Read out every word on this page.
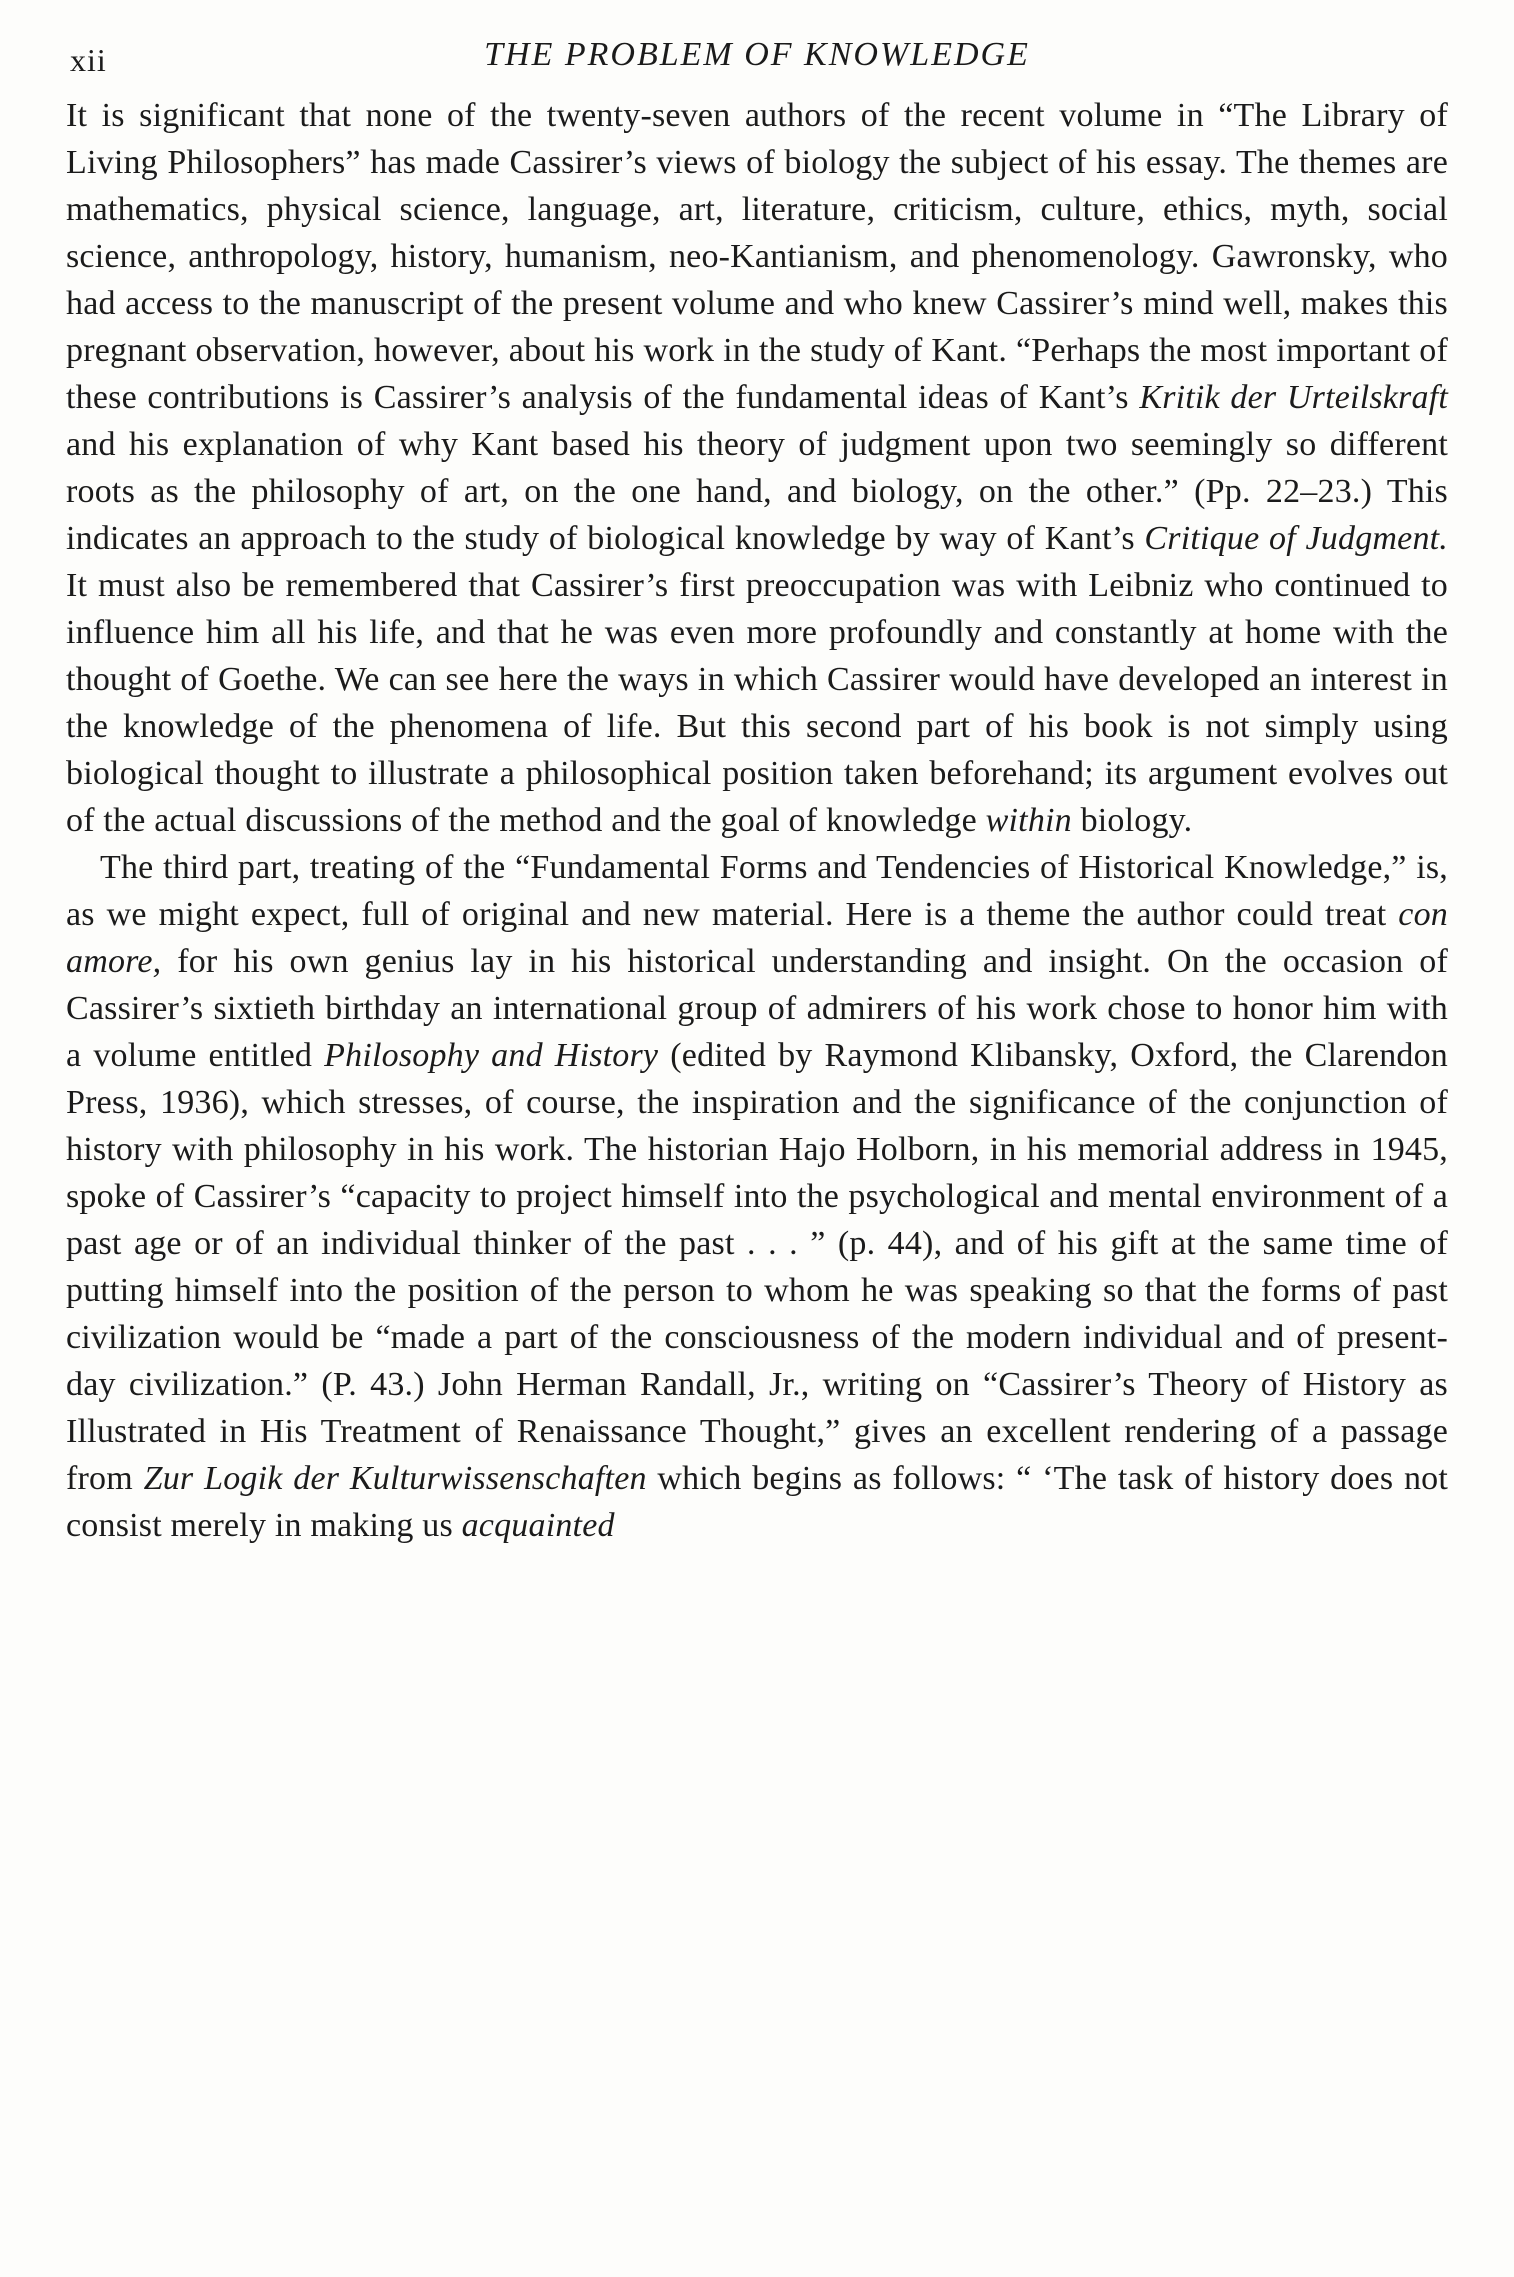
xii	THE PROBLEM OF KNOWLEDGE

It is significant that none of the twenty-seven authors of the recent volume in “The Library of Living Philosophers” has made Cassirer’s views of biology the subject of his essay. The themes are mathematics, physical science, language, art, literature, criticism, culture, ethics, myth, social science, anthropology, history, humanism, neo-Kantianism, and phenomenology. Gawronsky, who had access to the manuscript of the present volume and who knew Cassirer’s mind well, makes this pregnant observation, however, about his work in the study of Kant. “Perhaps the most important of these contributions is Cassirer’s analysis of the fundamental ideas of Kant’s Kritik der Urteilskraft and his explanation of why Kant based his theory of judgment upon two seemingly so different roots as the philosophy of art, on the one hand, and biology, on the other.” (Pp. 22–23.) This indicates an approach to the study of biological knowledge by way of Kant’s Critique of Judgment. It must also be remembered that Cassirer’s first preoccupation was with Leibniz who continued to influence him all his life, and that he was even more profoundly and constantly at home with the thought of Goethe. We can see here the ways in which Cassirer would have developed an interest in the knowledge of the phenomena of life. But this second part of his book is not simply using biological thought to illustrate a philosophical position taken beforehand; its argument evolves out of the actual discussions of the method and the goal of knowledge within biology.

The third part, treating of the “Fundamental Forms and Tendencies of Historical Knowledge,” is, as we might expect, full of original and new material. Here is a theme the author could treat con amore, for his own genius lay in his historical understanding and insight. On the occasion of Cassirer’s sixtieth birthday an international group of admirers of his work chose to honor him with a volume entitled Philosophy and History (edited by Raymond Klibansky, Oxford, the Clarendon Press, 1936), which stresses, of course, the inspiration and the significance of the conjunction of history with philosophy in his work. The historian Hajo Holborn, in his memorial address in 1945, spoke of Cassirer’s “capacity to project himself into the psychological and mental environment of a past age or of an individual thinker of the past . . . ” (p. 44), and of his gift at the same time of putting himself into the position of the person to whom he was speaking so that the forms of past civilization would be “made a part of the consciousness of the modern individual and of present-day civilization.” (P. 43.) John Herman Randall, Jr., writing on “Cassirer’s Theory of History as Illustrated in His Treatment of Renaissance Thought,” gives an excellent rendering of a passage from Zur Logik der Kulturwissenschaften which begins as follows: “ ‘The task of history does not consist merely in making us acquainted
